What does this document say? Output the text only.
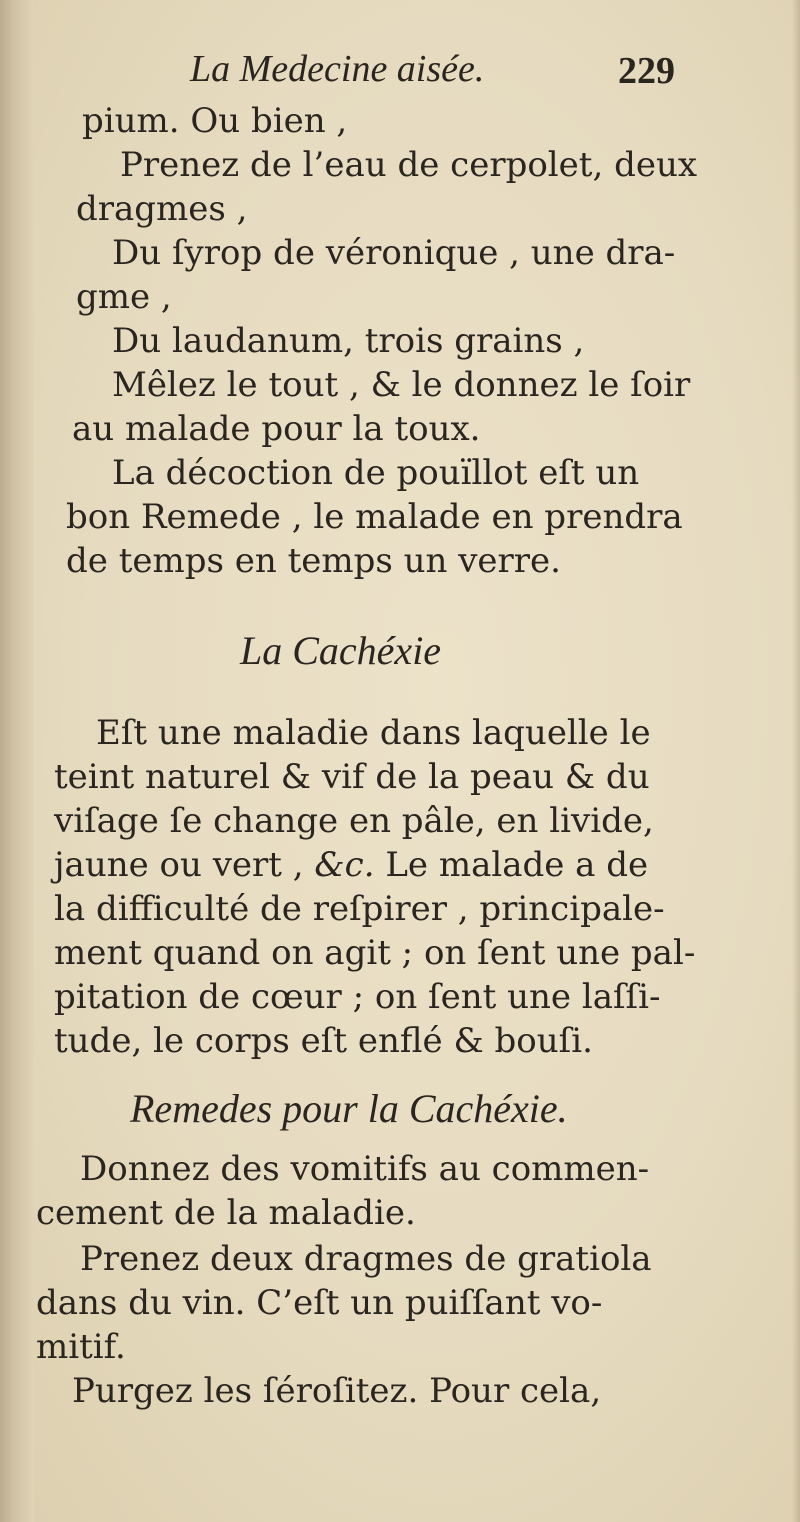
La Medecine aisée.	229
pium. Ou bien ,
Prenez de l’eau de cerpolet, deux
dragmes ,
Du ſyrop de véronique , une dra-
gme ,
Du laudanum, trois grains ,
Mêlez le tout , & le donnez le ſoir
au malade pour la toux.
La décoction de pouïllot eſt un
bon Remede , le malade en prendra
de temps en temps un verre.
La Cachéxie
Eſt une maladie dans laquelle le
teint naturel & vif de la peau & du
viſage ſe change en pâle, en livide,
jaune ou vert , &c. Le malade a de
la difficulté de reſpirer , principale-
ment quand on agit ; on ſent une pal-
pitation de cœur ; on ſent une laſſi-
tude, le corps eſt enflé & bouſi.
Remedes pour la Cachéxie.
Donnez des vomitifs au commen-
cement de la maladie.
Prenez deux dragmes de gratiola
dans du vin. C’eſt un puiſſant vo-
mitif.
Purgez les ſéroſitez. Pour cela,
